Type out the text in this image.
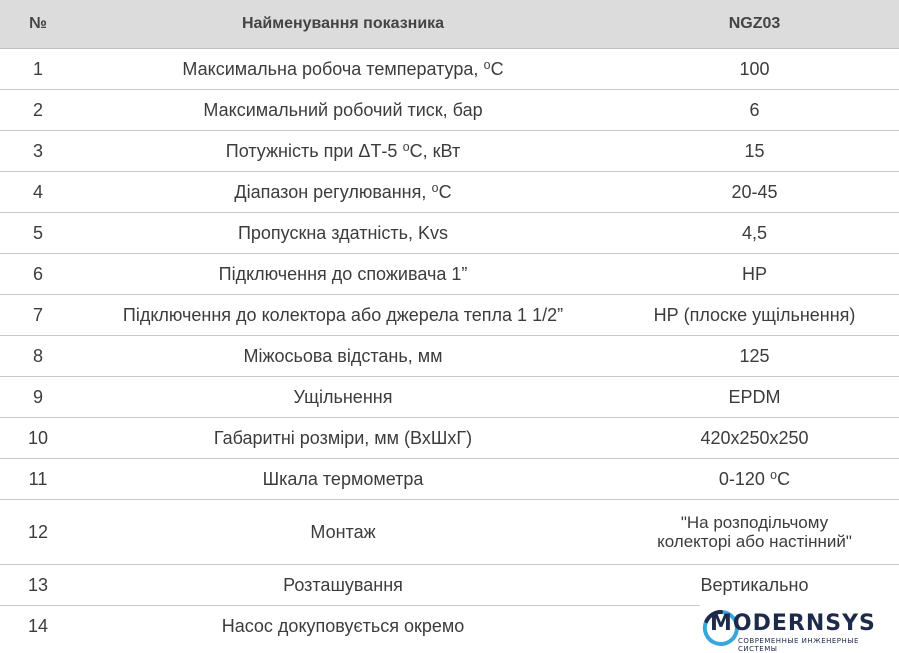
№	Найменування показника	NGZ03
1	Максимальна робоча температура, ⁰С	100
2	Максимальний робочий тиск, бар	6
3	Потужність при ΔТ-5 ⁰С, кВт	15
4	Діапазон регулювання, ⁰С	20-45
5	Пропускна здатність, Kvs	4,5
6	Підключення до споживача 1”	НР
7	Підключення до колектора або джерела тепла 1 1/2”	НР (плоске ущільнення)
8	Міжосьова відстань, мм	125
9	Ущільнення	EPDM
10	Габаритні розміри, мм (ВхШхГ)	420x250x250
11	Шкала термометра	0-120 ⁰С
12	Монтаж	"На розподільчому
колекторі або настінний"
13	Розташування	Вертикально
14	Насос докуповується окремо		MODERNSYS
СОВРЕМЕННЫЕ ИНЖЕНЕРНЫЕ СИСТЕМЫ
